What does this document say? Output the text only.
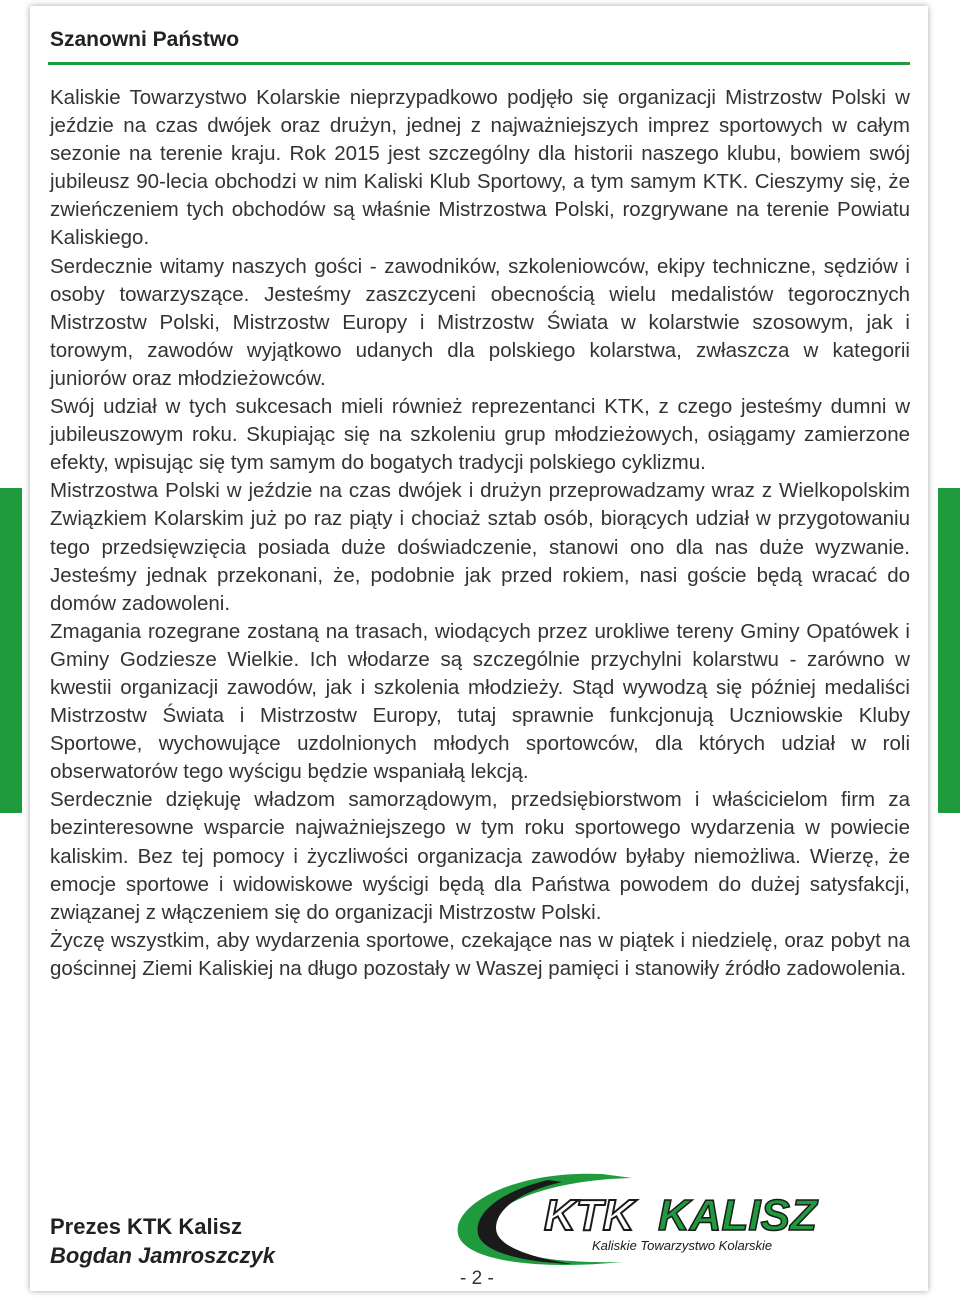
Szanowni Państwo

Kaliskie Towarzystwo Kolarskie nieprzypadkowo podjęło się organizacji Mistrzostw Polski w jeździe na czas dwójek oraz drużyn, jednej z najważniejszych imprez sportowych w całym sezonie na terenie kraju. Rok 2015 jest szczególny dla historii naszego klubu, bowiem swój jubileusz 90-lecia obchodzi w nim Kaliski Klub Sportowy, a tym samym KTK. Cieszymy się, że zwieńczeniem tych obchodów są właśnie Mistrzostwa Polski, rozgrywane na terenie Powiatu Kaliskiego.

Serdecznie witamy naszych gości - zawodników, szkoleniowców, ekipy techniczne, sędziów i osoby towarzyszące. Jesteśmy zaszczyceni obecnością wielu medalistów tegorocznych Mistrzostw Polski, Mistrzostw Europy i Mistrzostw Świata w kolarstwie szosowym, jak i torowym, zawodów wyjątkowo udanych dla polskiego kolarstwa, zwłaszcza w kategorii juniorów oraz młodzieżowców.

Swój udział w tych sukcesach mieli również reprezentanci KTK, z czego jesteśmy dumni w jubileuszowym roku. Skupiając się na szkoleniu grup młodzieżowych, osiągamy zamierzone efekty, wpisując się tym samym do bogatych tradycji polskiego cyklizmu.

Mistrzostwa Polski w jeździe na czas dwójek i drużyn przeprowadzamy wraz z Wielkopolskim Związkiem Kolarskim już po raz piąty i chociaż sztab osób, biorących udział w przygotowaniu tego przedsięwzięcia posiada duże doświadczenie, stanowi ono dla nas duże wyzwanie. Jesteśmy jednak przekonani, że, podobnie jak przed rokiem, nasi goście będą wracać do domów zadowoleni.

Zmagania rozegrane zostaną na trasach, wiodących przez urokliwe tereny Gminy Opatówek i Gminy Godziesze Wielkie. Ich włodarze są szczególnie przychylni kolarstwu - zarówno w kwestii organizacji zawodów, jak i szkolenia młodzieży. Stąd wywodzą się później medaliści Mistrzostw Świata i Mistrzostw Europy, tutaj sprawnie funkcjonują Uczniowskie Kluby Sportowe, wychowujące uzdolnionych młodych sportowców, dla których udział w roli obserwatorów tego wyścigu będzie wspaniałą lekcją.

Serdecznie dziękuję władzom samorządowym, przedsiębiorstwom i właścicielom firm za bezinteresowne wsparcie najważniejszego w tym roku sportowego wydarzenia w powiecie kaliskim. Bez tej pomocy i życzliwości organizacja zawodów byłaby niemożliwa. Wierzę, że emocje sportowe i widowiskowe wyścigi będą dla Państwa powodem do dużej satysfakcji, związanej z włączeniem się do organizacji Mistrzostw Polski.

Życzę wszystkim, aby wydarzenia sportowe, czekające nas w piątek i niedzielę, oraz pobyt na gościnnej Ziemi Kaliskiej na długo pozostały w Waszej pamięci i stanowiły źródło zadowolenia.

Prezes KTK Kalisz
Bogdan Jamroszczyk
- 2 -
KTK KALISZ
Kaliskie Towarzystwo Kolarskie
